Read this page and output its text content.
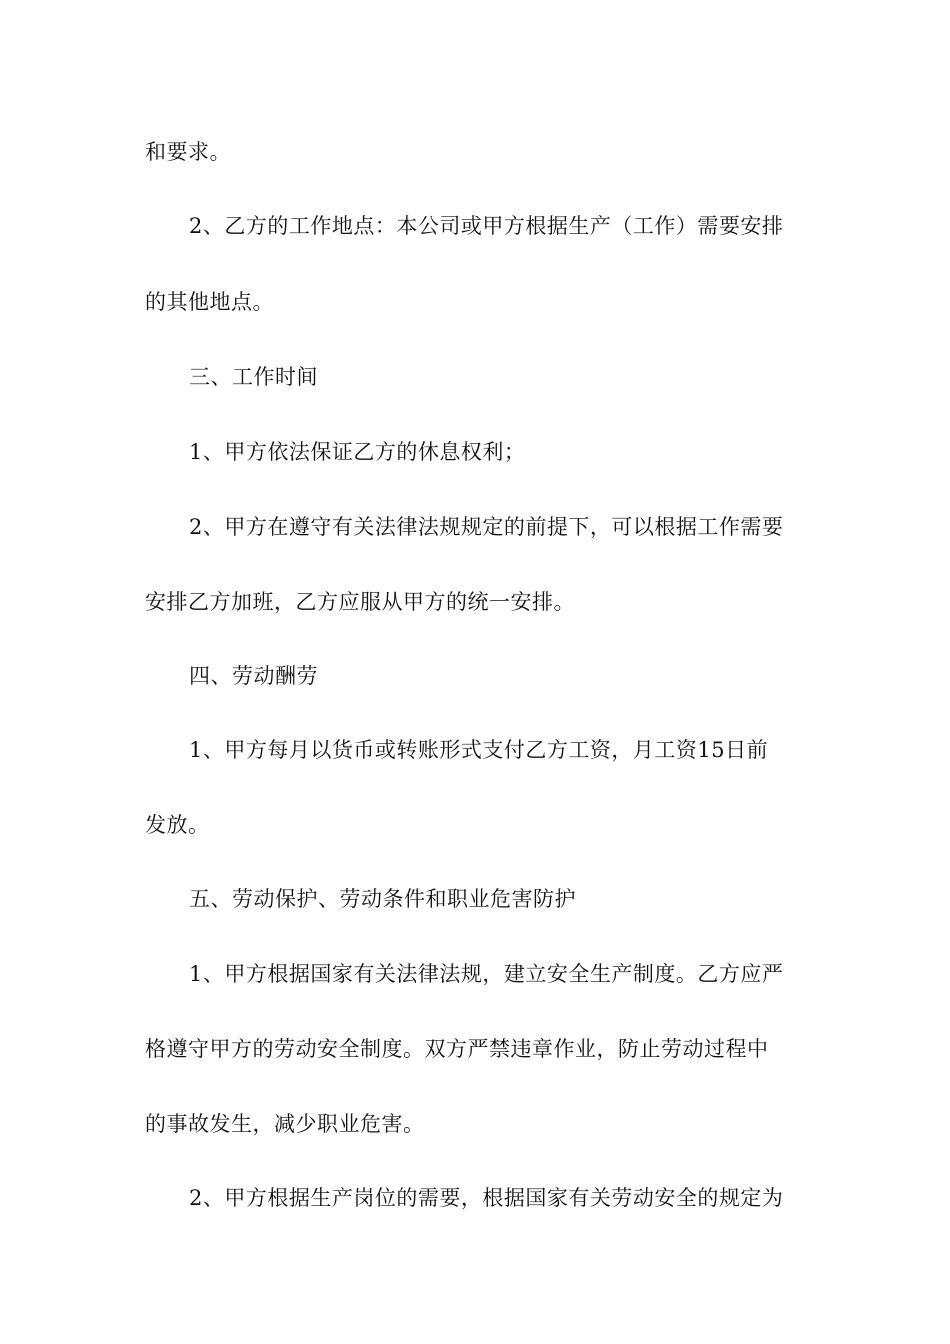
和要求。
2、乙方的工作地点：本公司或甲方根据生产（工作）需要安排
的其他地点。
三、工作时间
1、甲方依法保证乙方的休息权利；
2、甲方在遵守有关法律法规规定的前提下，可以根据工作需要
安排乙方加班，乙方应服从甲方的统一安排。
四、劳动酬劳
1、甲方每月以货币或转账形式支付乙方工资，月工资15日前
发放。
五、劳动保护、劳动条件和职业危害防护
1、甲方根据国家有关法律法规，建立安全生产制度。乙方应严
格遵守甲方的劳动安全制度。双方严禁违章作业，防止劳动过程中
的事故发生，减少职业危害。
2、甲方根据生产岗位的需要，根据国家有关劳动安全的规定为
